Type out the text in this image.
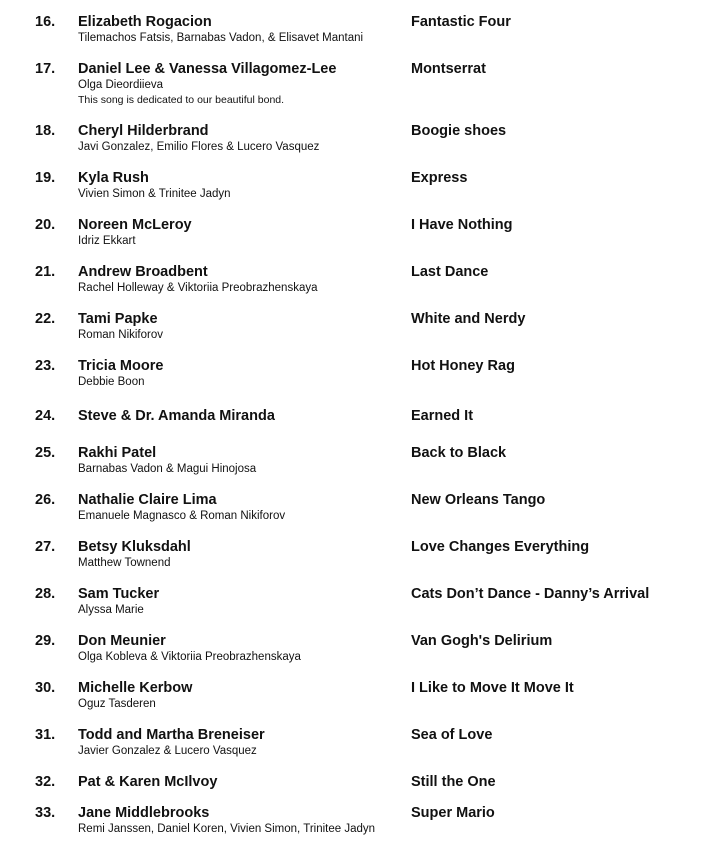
16. Elizabeth Rogacion
Tilemachos Fatsis, Barnabas Vadon, & Elisavet Mantani
Fantastic Four
17. Daniel Lee & Vanessa Villagomez-Lee
Olga Dieordiieva
This song is dedicated to our beautiful bond.
Montserrat
18. Cheryl Hilderbrand
Javi Gonzalez, Emilio Flores & Lucero Vasquez
Boogie shoes
19. Kyla Rush
Vivien Simon & Trinitee Jadyn
Express
20. Noreen McLeroy
Idriz Ekkart
I Have Nothing
21. Andrew Broadbent
Rachel Holleway & Viktoriia Preobrazhenskaya
Last Dance
22. Tami Papke
Roman Nikiforov
White and Nerdy
23. Tricia Moore
Debbie Boon
Hot Honey Rag
24. Steve & Dr. Amanda Miranda	Earned It
25. Rakhi Patel
Barnabas Vadon & Magui Hinojosa
Back to Black
26. Nathalie Claire Lima
Emanuele Magnasco & Roman Nikiforov
New Orleans Tango
27. Betsy Kluksdahl
Matthew Townend
Love Changes Everything
28. Sam Tucker
Alyssa Marie
Cats Don’t Dance - Danny’s Arrival
29. Don Meunier
Olga Kobleva & Viktoriia Preobrazhenskaya
Van Gogh's Delirium
30. Michelle Kerbow
Oguz Tasderen
I Like to Move It Move It
31. Todd and Martha Breneiser
Javier Gonzalez & Lucero Vasquez
Sea of Love
32. Pat & Karen McIlvoy	Still the One
33. Jane Middlebrooks
Remi Janssen, Daniel Koren, Vivien Simon, Trinitee Jadyn
Super Mario
